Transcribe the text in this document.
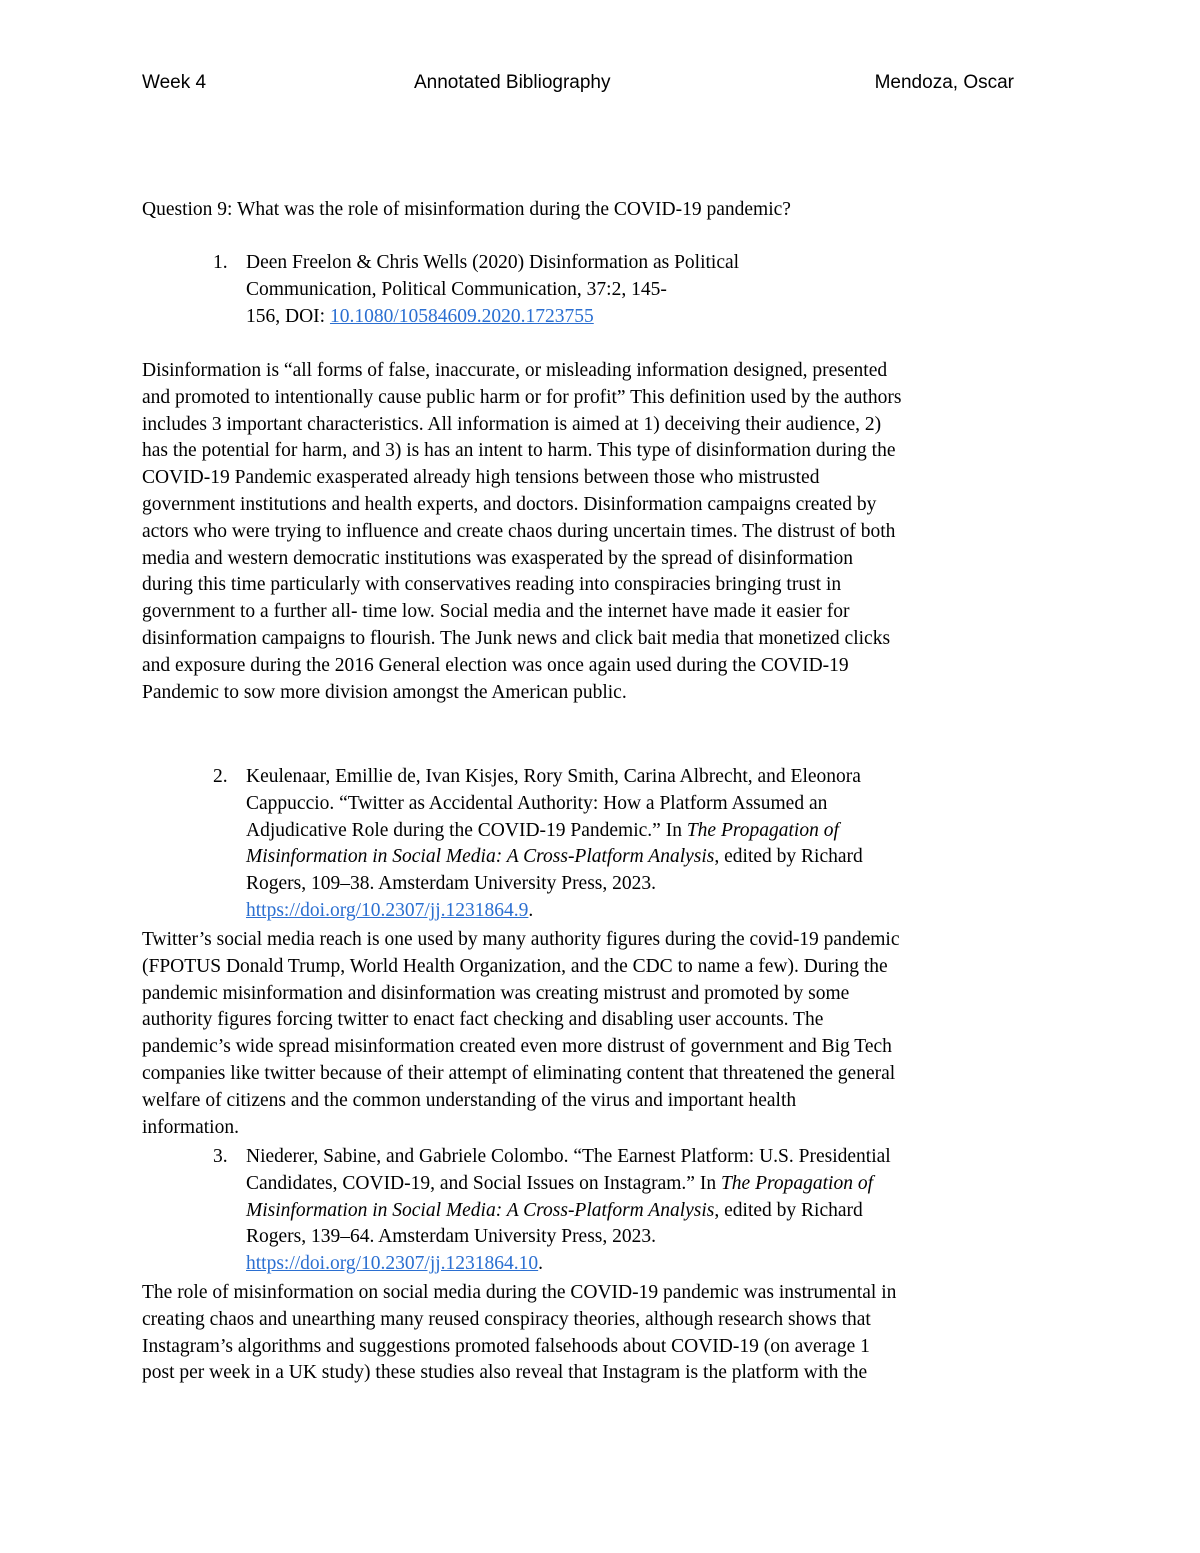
Week 4	Annotated Bibliography	Mendoza, Oscar
Question 9: What was the role of misinformation during the COVID-19 pandemic?
1. Deen Freelon & Chris Wells (2020) Disinformation as Political
Communication, Political Communication, 37:2, 145-
156, DOI: 10.1080/10584609.2020.1723755
Disinformation is “all forms of false, inaccurate, or misleading information designed, presented
and promoted to intentionally cause public harm or for profit” This definition used by the authors
includes 3 important characteristics. All information is aimed at 1) deceiving their audience, 2)
has the potential for harm, and 3) is has an intent to harm. This type of disinformation during the
COVID-19 Pandemic exasperated already high tensions between those who mistrusted
government institutions and health experts, and doctors. Disinformation campaigns created by
actors who were trying to influence and create chaos during uncertain times. The distrust of both
media and western democratic institutions was exasperated by the spread of disinformation
during this time particularly with conservatives reading into conspiracies bringing trust in
government to a further all- time low. Social media and the internet have made it easier for
disinformation campaigns to flourish. The Junk news and click bait media that monetized clicks
and exposure during the 2016 General election was once again used during the COVID-19
Pandemic to sow more division amongst the American public.
2. Keulenaar, Emillie de, Ivan Kisjes, Rory Smith, Carina Albrecht, and Eleonora
Cappuccio. “Twitter as Accidental Authority: How a Platform Assumed an
Adjudicative Role during the COVID-19 Pandemic.” In The Propagation of
Misinformation in Social Media: A Cross-Platform Analysis, edited by Richard
Rogers, 109–38. Amsterdam University Press, 2023.
https://doi.org/10.2307/jj.1231864.9.
Twitter’s social media reach is one used by many authority figures during the covid-19 pandemic
(FPOTUS Donald Trump, World Health Organization, and the CDC to name a few). During the
pandemic misinformation and disinformation was creating mistrust and promoted by some
authority figures forcing twitter to enact fact checking and disabling user accounts. The
pandemic’s wide spread misinformation created even more distrust of government and Big Tech
companies like twitter because of their attempt of eliminating content that threatened the general
welfare of citizens and the common understanding of the virus and important health
information.
3. Niederer, Sabine, and Gabriele Colombo. “The Earnest Platform: U.S. Presidential
Candidates, COVID-19, and Social Issues on Instagram.” In The Propagation of
Misinformation in Social Media: A Cross-Platform Analysis, edited by Richard
Rogers, 139–64. Amsterdam University Press, 2023.
https://doi.org/10.2307/jj.1231864.10.
The role of misinformation on social media during the COVID-19 pandemic was instrumental in
creating chaos and unearthing many reused conspiracy theories, although research shows that
Instagram’s algorithms and suggestions promoted falsehoods about COVID-19 (on average 1
post per week in a UK study) these studies also reveal that Instagram is the platform with the
